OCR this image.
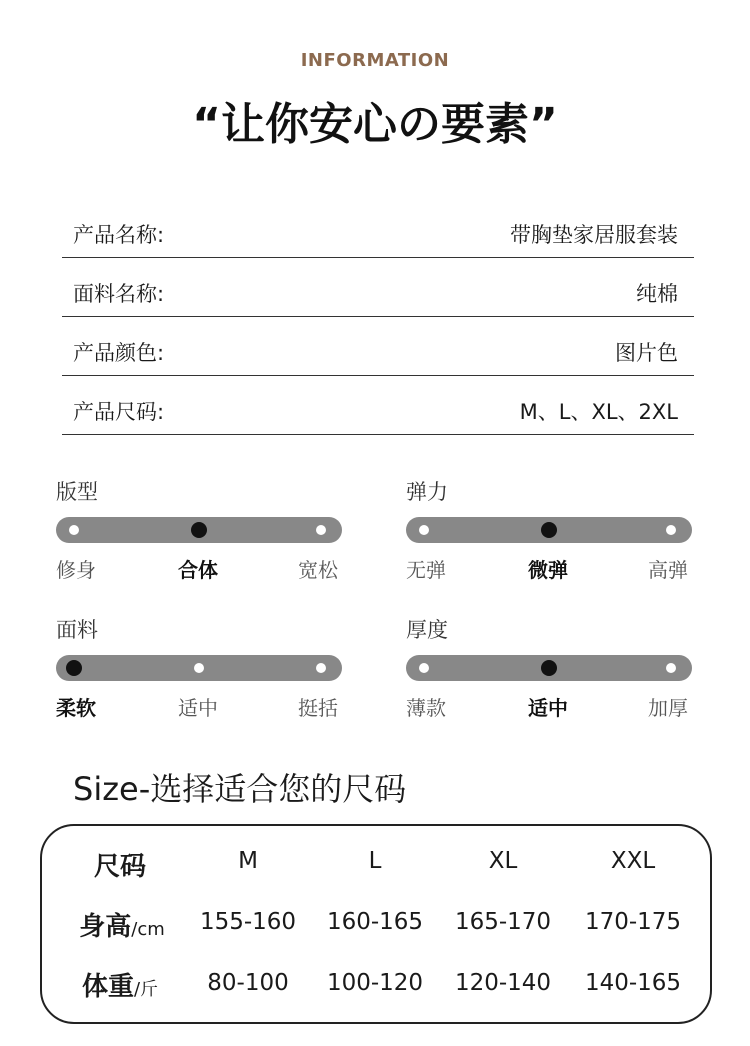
INFORMATION
“让你安心の要素”
产品名称:	带胸垫家居服套装
面料名称:	纯棉
产品颜色:	图片色
产品尺码:	M、L、XL、2XL
版型
修身	合体	宽松
弹力
无弹	微弹	高弹
面料
柔软	适中	挺括
厚度
薄款	适中	加厚
Size-选择适合您的尺码
尺码	M	L	XL	XXL
身高/cm	155-160	160-165	165-170	170-175
体重/斤	80-100	100-120	120-140	140-165
